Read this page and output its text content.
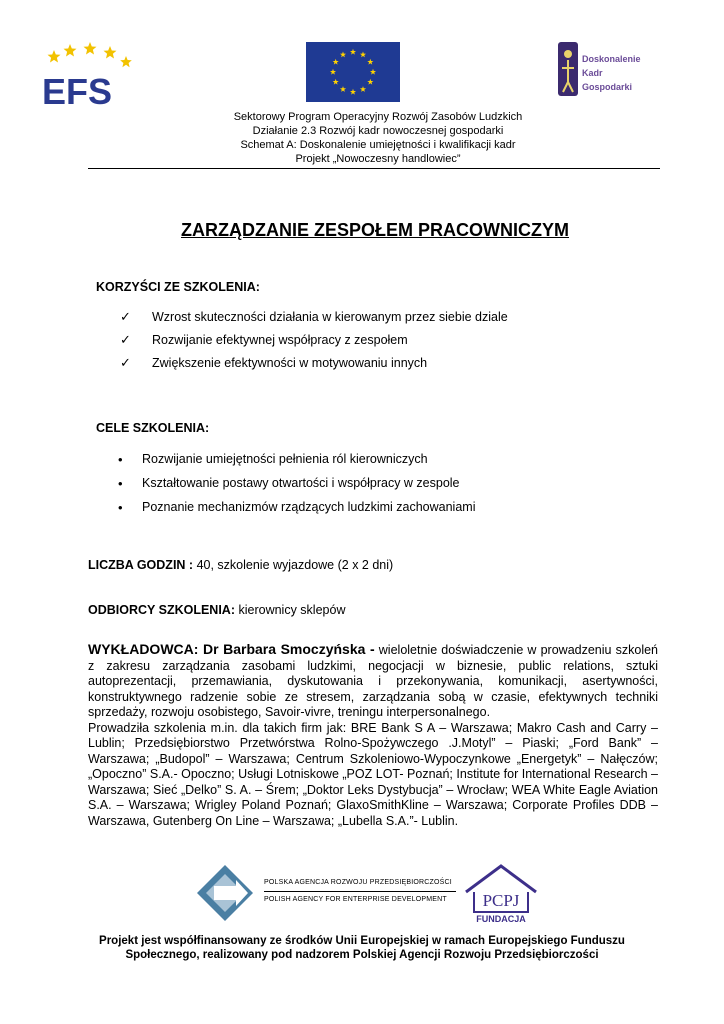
EFS
Doskonalenie
Kadr
Gospodarki
Sektorowy Program Operacyjny Rozwój Zasobów Ludzkich
Działanie 2.3 Rozwój kadr nowoczesnej gospodarki
Schemat A: Doskonalenie umiejętności i kwalifikacji kadr
Projekt „Nowoczesny handlowiec”
ZARZĄDZANIE ZESPOŁEM PRACOWNICZYM
KORZYŚCI ZE SZKOLENIA:
✓ Wzrost skuteczności działania w kierowanym przez siebie dziale
✓ Rozwijanie efektywnej współpracy z zespołem
✓ Zwiększenie efektywności w motywowaniu innych
CELE SZKOLENIA:
• Rozwijanie umiejętności pełnienia ról kierowniczych
• Kształtowanie postawy otwartości i współpracy w zespole
• Poznanie mechanizmów rządzących ludzkimi zachowaniami
LICZBA GODZIN : 40, szkolenie wyjazdowe (2 x 2 dni)
ODBIORCY SZKOLENIA: kierownicy sklepów
WYKŁADOWCA: Dr Barbara Smoczyńska - wieloletnie doświadczenie w prowadzeniu szkoleń z zakresu zarządzania zasobami ludzkimi, negocjacji w biznesie, public relations, sztuki autoprezentacji, przemawiania, dyskutowania i przekonywania, komunikacji, asertywności, konstruktywnego radzenie sobie ze stresem, zarządzania sobą w czasie, efektywnych techniki sprzedaży, rozwoju osobistego, Savoir-vivre, treningu interpersonalnego.
Prowadziła szkolenia m.in. dla takich firm jak: BRE Bank S A – Warszawa; Makro Cash and Carry – Lublin; Przedsiębiorstwo Przetwórstwa Rolno-Spożywczego .J.Motyl” – Piaski; „Ford Bank” – Warszawa; „Budopol” – Warszawa; Centrum Szkoleniowo-Wypoczynkowe „Energetyk” – Nałęczów; „Opoczno” S.A.- Opoczno; Usługi Lotniskowe „POZ LOT- Poznań; Institute for International Research – Warszawa; Sieć „Delko” S. A. – Śrem; „Doktor Leks Dystybucja” – Wrocław; WEA White Eagle Aviation S.A. – Warszawa; Wrigley Poland Poznań; GlaxoSmithKline – Warszawa; Corporate Profiles DDB – Warszawa, Gutenberg On Line – Warszawa; „Lubella S.A.”- Lublin.
POLSKA AGENCJA ROZWOJU PRZEDSIĘBIORCZOŚCI
POLISH AGENCY FOR ENTERPRISE DEVELOPMENT PCPJ
FUNDACJA
Projekt jest współfinansowany ze środków Unii Europejskiej w ramach Europejskiego Funduszu
Społecznego, realizowany pod nadzorem Polskiej Agencji Rozwoju Przedsiębiorczości
